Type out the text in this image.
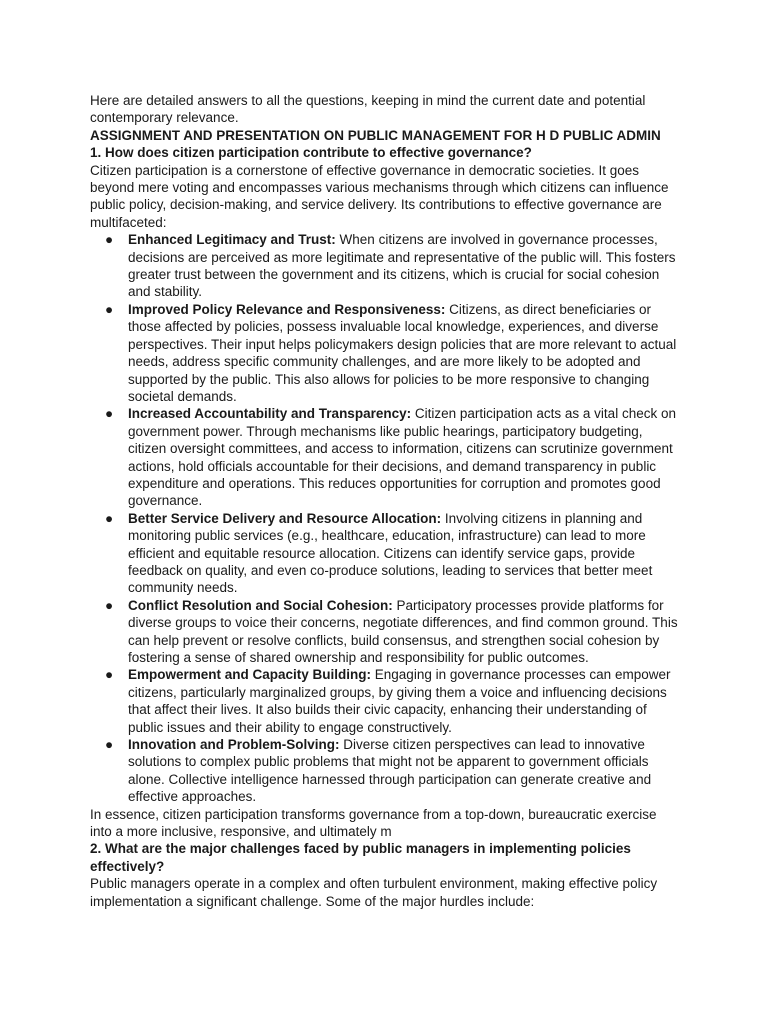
Here are detailed answers to all the questions, keeping in mind the current date and potential contemporary relevance.

ASSIGNMENT AND PRESENTATION ON PUBLIC MANAGEMENT FOR H D PUBLIC ADMIN

1. How does citizen participation contribute to effective governance?

Citizen participation is a cornerstone of effective governance in democratic societies. It goes beyond mere voting and encompasses various mechanisms through which citizens can influence public policy, decision-making, and service delivery. Its contributions to effective governance are multifaceted:

● Enhanced Legitimacy and Trust: When citizens are involved in governance processes, decisions are perceived as more legitimate and representative of the public will. This fosters greater trust between the government and its citizens, which is crucial for social cohesion and stability.
● Improved Policy Relevance and Responsiveness: Citizens, as direct beneficiaries or those affected by policies, possess invaluable local knowledge, experiences, and diverse perspectives. Their input helps policymakers design policies that are more relevant to actual needs, address specific community challenges, and are more likely to be adopted and supported by the public. This also allows for policies to be more responsive to changing societal demands.
● Increased Accountability and Transparency: Citizen participation acts as a vital check on government power. Through mechanisms like public hearings, participatory budgeting, citizen oversight committees, and access to information, citizens can scrutinize government actions, hold officials accountable for their decisions, and demand transparency in public expenditure and operations. This reduces opportunities for corruption and promotes good governance.
● Better Service Delivery and Resource Allocation: Involving citizens in planning and monitoring public services (e.g., healthcare, education, infrastructure) can lead to more efficient and equitable resource allocation. Citizens can identify service gaps, provide feedback on quality, and even co-produce solutions, leading to services that better meet community needs.
● Conflict Resolution and Social Cohesion: Participatory processes provide platforms for diverse groups to voice their concerns, negotiate differences, and find common ground. This can help prevent or resolve conflicts, build consensus, and strengthen social cohesion by fostering a sense of shared ownership and responsibility for public outcomes.
● Empowerment and Capacity Building: Engaging in governance processes can empower citizens, particularly marginalized groups, by giving them a voice and influencing decisions that affect their lives. It also builds their civic capacity, enhancing their understanding of public issues and their ability to engage constructively.
● Innovation and Problem-Solving: Diverse citizen perspectives can lead to innovative solutions to complex public problems that might not be apparent to government officials alone. Collective intelligence harnessed through participation can generate creative and effective approaches.

In essence, citizen participation transforms governance from a top-down, bureaucratic exercise into a more inclusive, responsive, and ultimately m

2. What are the major challenges faced by public managers in implementing policies effectively?

Public managers operate in a complex and often turbulent environment, making effective policy implementation a significant challenge. Some of the major hurdles include:
